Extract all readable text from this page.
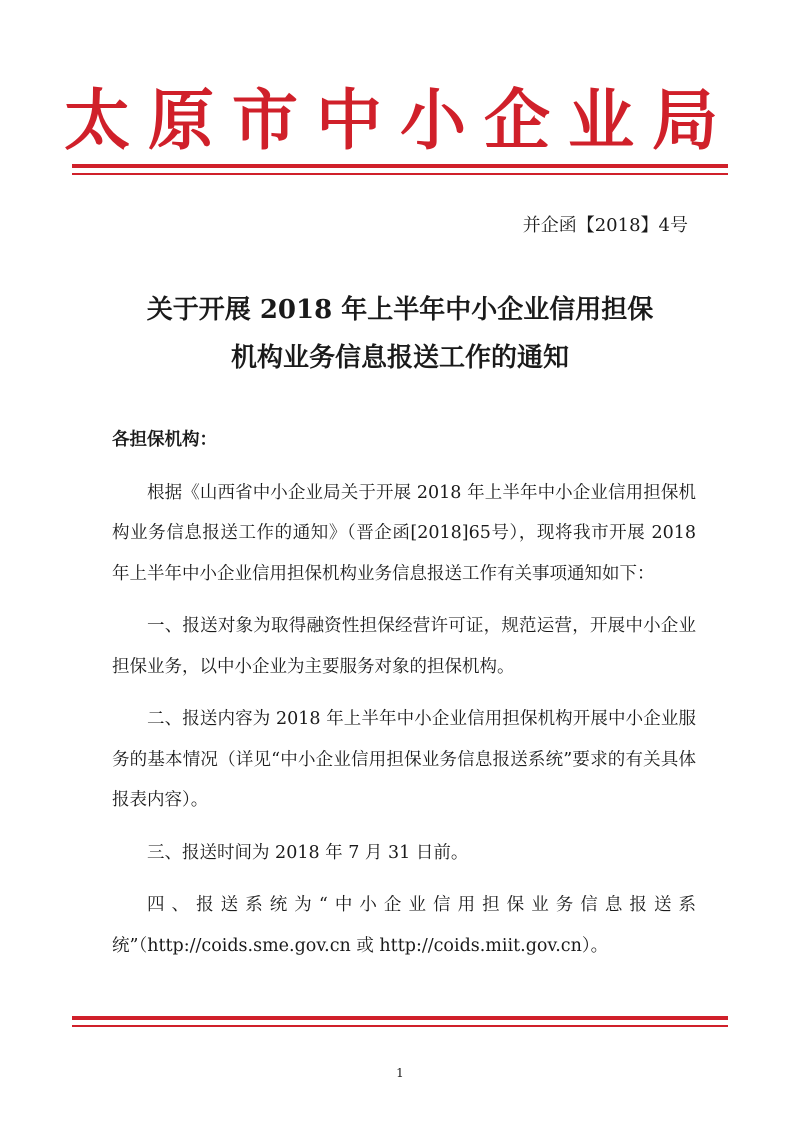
太原市中小企业局
并企函【2018】4号
关于开展 2018 年上半年中小企业信用担保
机构业务信息报送工作的通知
各担保机构：

根据《山西省中小企业局关于开展 2018 年上半年中小企业信用担保机构业务信息报送工作的通知》（晋企函[2018]65号），现将我市开展 2018 年上半年中小企业信用担保机构业务信息报送工作有关事项通知如下：

一、报送对象为取得融资性担保经营许可证，规范运营，开展中小企业担保业务，以中小企业为主要服务对象的担保机构。

二、报送内容为 2018 年上半年中小企业信用担保机构开展中小企业服务的基本情况（详见“中小企业信用担保业务信息报送系统”要求的有关具体报表内容）。

三、报送时间为 2018 年 7 月 31 日前。

四、报送系统为“中小企业信用担保业务信息报送系统”（http://coids.sme.gov.cn 或 http://coids.miit.gov.cn）。

1
